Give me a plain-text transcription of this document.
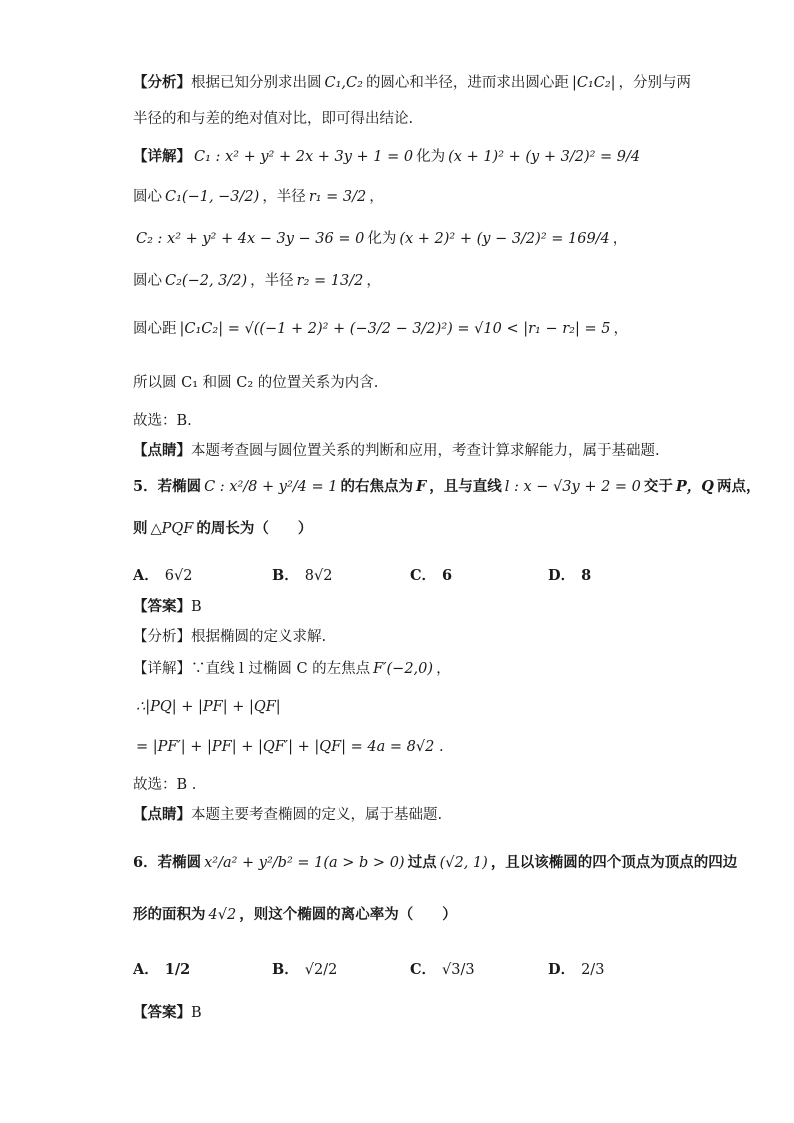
【分析】 根据已知分别求出圆 C₁,C₂ 的圆心和半径，进而求出圆心距 |C₁C₂| ，分别与两
半径的和与差的绝对值对比，即可得出结论.
【详解】 C₁ : x² + y² + 2x + 3y + 1 = 0 化为 (x + 1)² + (y + 3/2)² = 9/4
圆心 C₁(−1, −3/2) ，半径 r₁ = 3/2 ，
C₂ : x² + y² + 4x − 3y − 36 = 0 化为 (x + 2)² + (y − 3/2)² = 169/4 ，
圆心 C₂(−2, 3/2) ，半径 r₂ = 13/2 ，
圆心距 |C₁C₂| = √((−1 + 2)² + (−3/2 − 3/2)²) = √10 < |r₁ − r₂| = 5 ，
所以圆 C₁ 和圆 C₂ 的位置关系为内含.
故选：B.
【点睛】 本题考查圆与圆位置关系的判断和应用，考查计算求解能力，属于基础题.
5． 若椭圆 C : x²/8 + y²/4 = 1 的右焦点为 F ，且与直线 l : x − √3y + 2 = 0 交于 P，Q 两点，
则 △PQF 的周长为（　　）
A． 6√2	B． 8√2	C． 6	D． 8
【答案】 B
【分析】 根据椭圆的定义求解.
【详解】 ∵直线 l 过椭圆 C 的左焦点 F′(−2,0) ，
∴|PQ| + |PF| + |QF|
= |PF′| + |PF| + |QF′| + |QF| = 4a = 8√2 .
故选：B .
【点睛】 本题主要考查椭圆的定义，属于基础题.
6． 若椭圆 x²/a² + y²/b² = 1(a > b > 0) 过点 (√2, 1) ，且以该椭圆的四个顶点为顶点的四边
形的面积为 4√2 ，则这个椭圆的离心率为（　　）
A． 1/2	B． √2/2	C． √3/3	D． 2/3
【答案】 B
